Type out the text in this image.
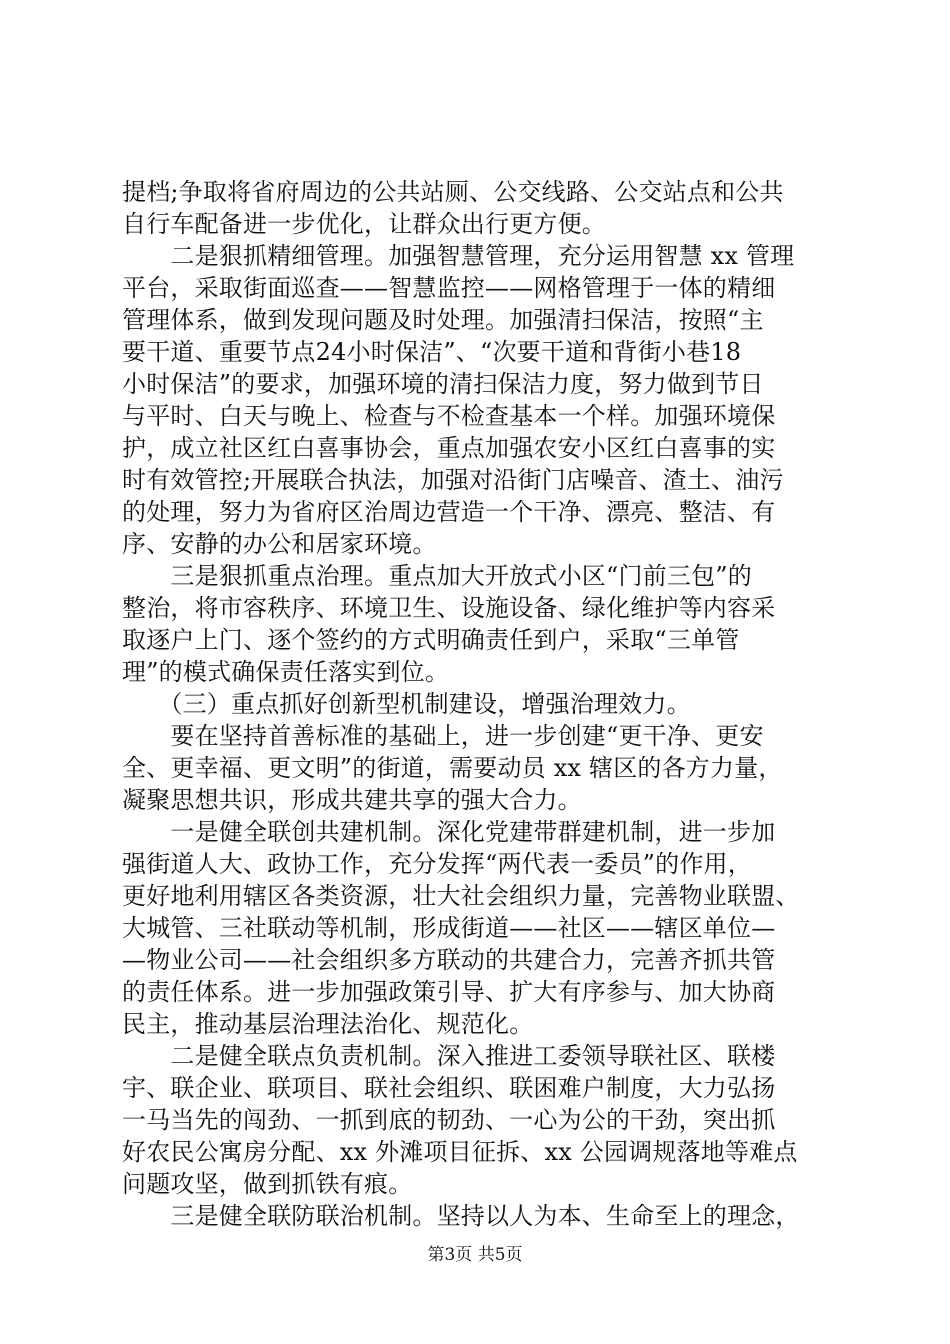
提档;争取将省府周边的公共站厕、公交线路、公交站点和公共
自行车配备进一步优化，让群众出行更方便。
　　二是狠抓精细管理。加强智慧管理，充分运用智慧 xx 管理
平台，采取街面巡查——智慧监控——网格管理于一体的精细
管理体系，做到发现问题及时处理。加强清扫保洁，按照“主
要干道、重要节点24小时保洁”、“次要干道和背街小巷18
小时保洁”的要求，加强环境的清扫保洁力度，努力做到节日
与平时、白天与晚上、检查与不检查基本一个样。加强环境保
护，成立社区红白喜事协会，重点加强农安小区红白喜事的实
时有效管控;开展联合执法，加强对沿街门店噪音、渣土、油污
的处理，努力为省府区治周边营造一个干净、漂亮、整洁、有
序、安静的办公和居家环境。
　　三是狠抓重点治理。重点加大开放式小区“门前三包”的
整治，将市容秩序、环境卫生、设施设备、绿化维护等内容采
取逐户上门、逐个签约的方式明确责任到户，采取“三单管
理”的模式确保责任落实到位。
　　（三）重点抓好创新型机制建设，增强治理效力。
　　要在坚持首善标准的基础上，进一步创建“更干净、更安
全、更幸福、更文明”的街道，需要动员 xx 辖区的各方力量，
凝聚思想共识，形成共建共享的强大合力。
　　一是健全联创共建机制。深化党建带群建机制，进一步加
强街道人大、政协工作，充分发挥“两代表一委员”的作用，
更好地利用辖区各类资源，壮大社会组织力量，完善物业联盟、
大城管、三社联动等机制，形成街道——社区——辖区单位—
—物业公司——社会组织多方联动的共建合力，完善齐抓共管
的责任体系。进一步加强政策引导、扩大有序参与、加大协商
民主，推动基层治理法治化、规范化。
　　二是健全联点负责机制。深入推进工委领导联社区、联楼
宇、联企业、联项目、联社会组织、联困难户制度，大力弘扬
一马当先的闯劲、一抓到底的韧劲、一心为公的干劲，突出抓
好农民公寓房分配、xx 外滩项目征拆、xx 公园调规落地等难点
问题攻坚，做到抓铁有痕。
　　三是健全联防联治机制。坚持以人为本、生命至上的理念，
第3页 共5页
